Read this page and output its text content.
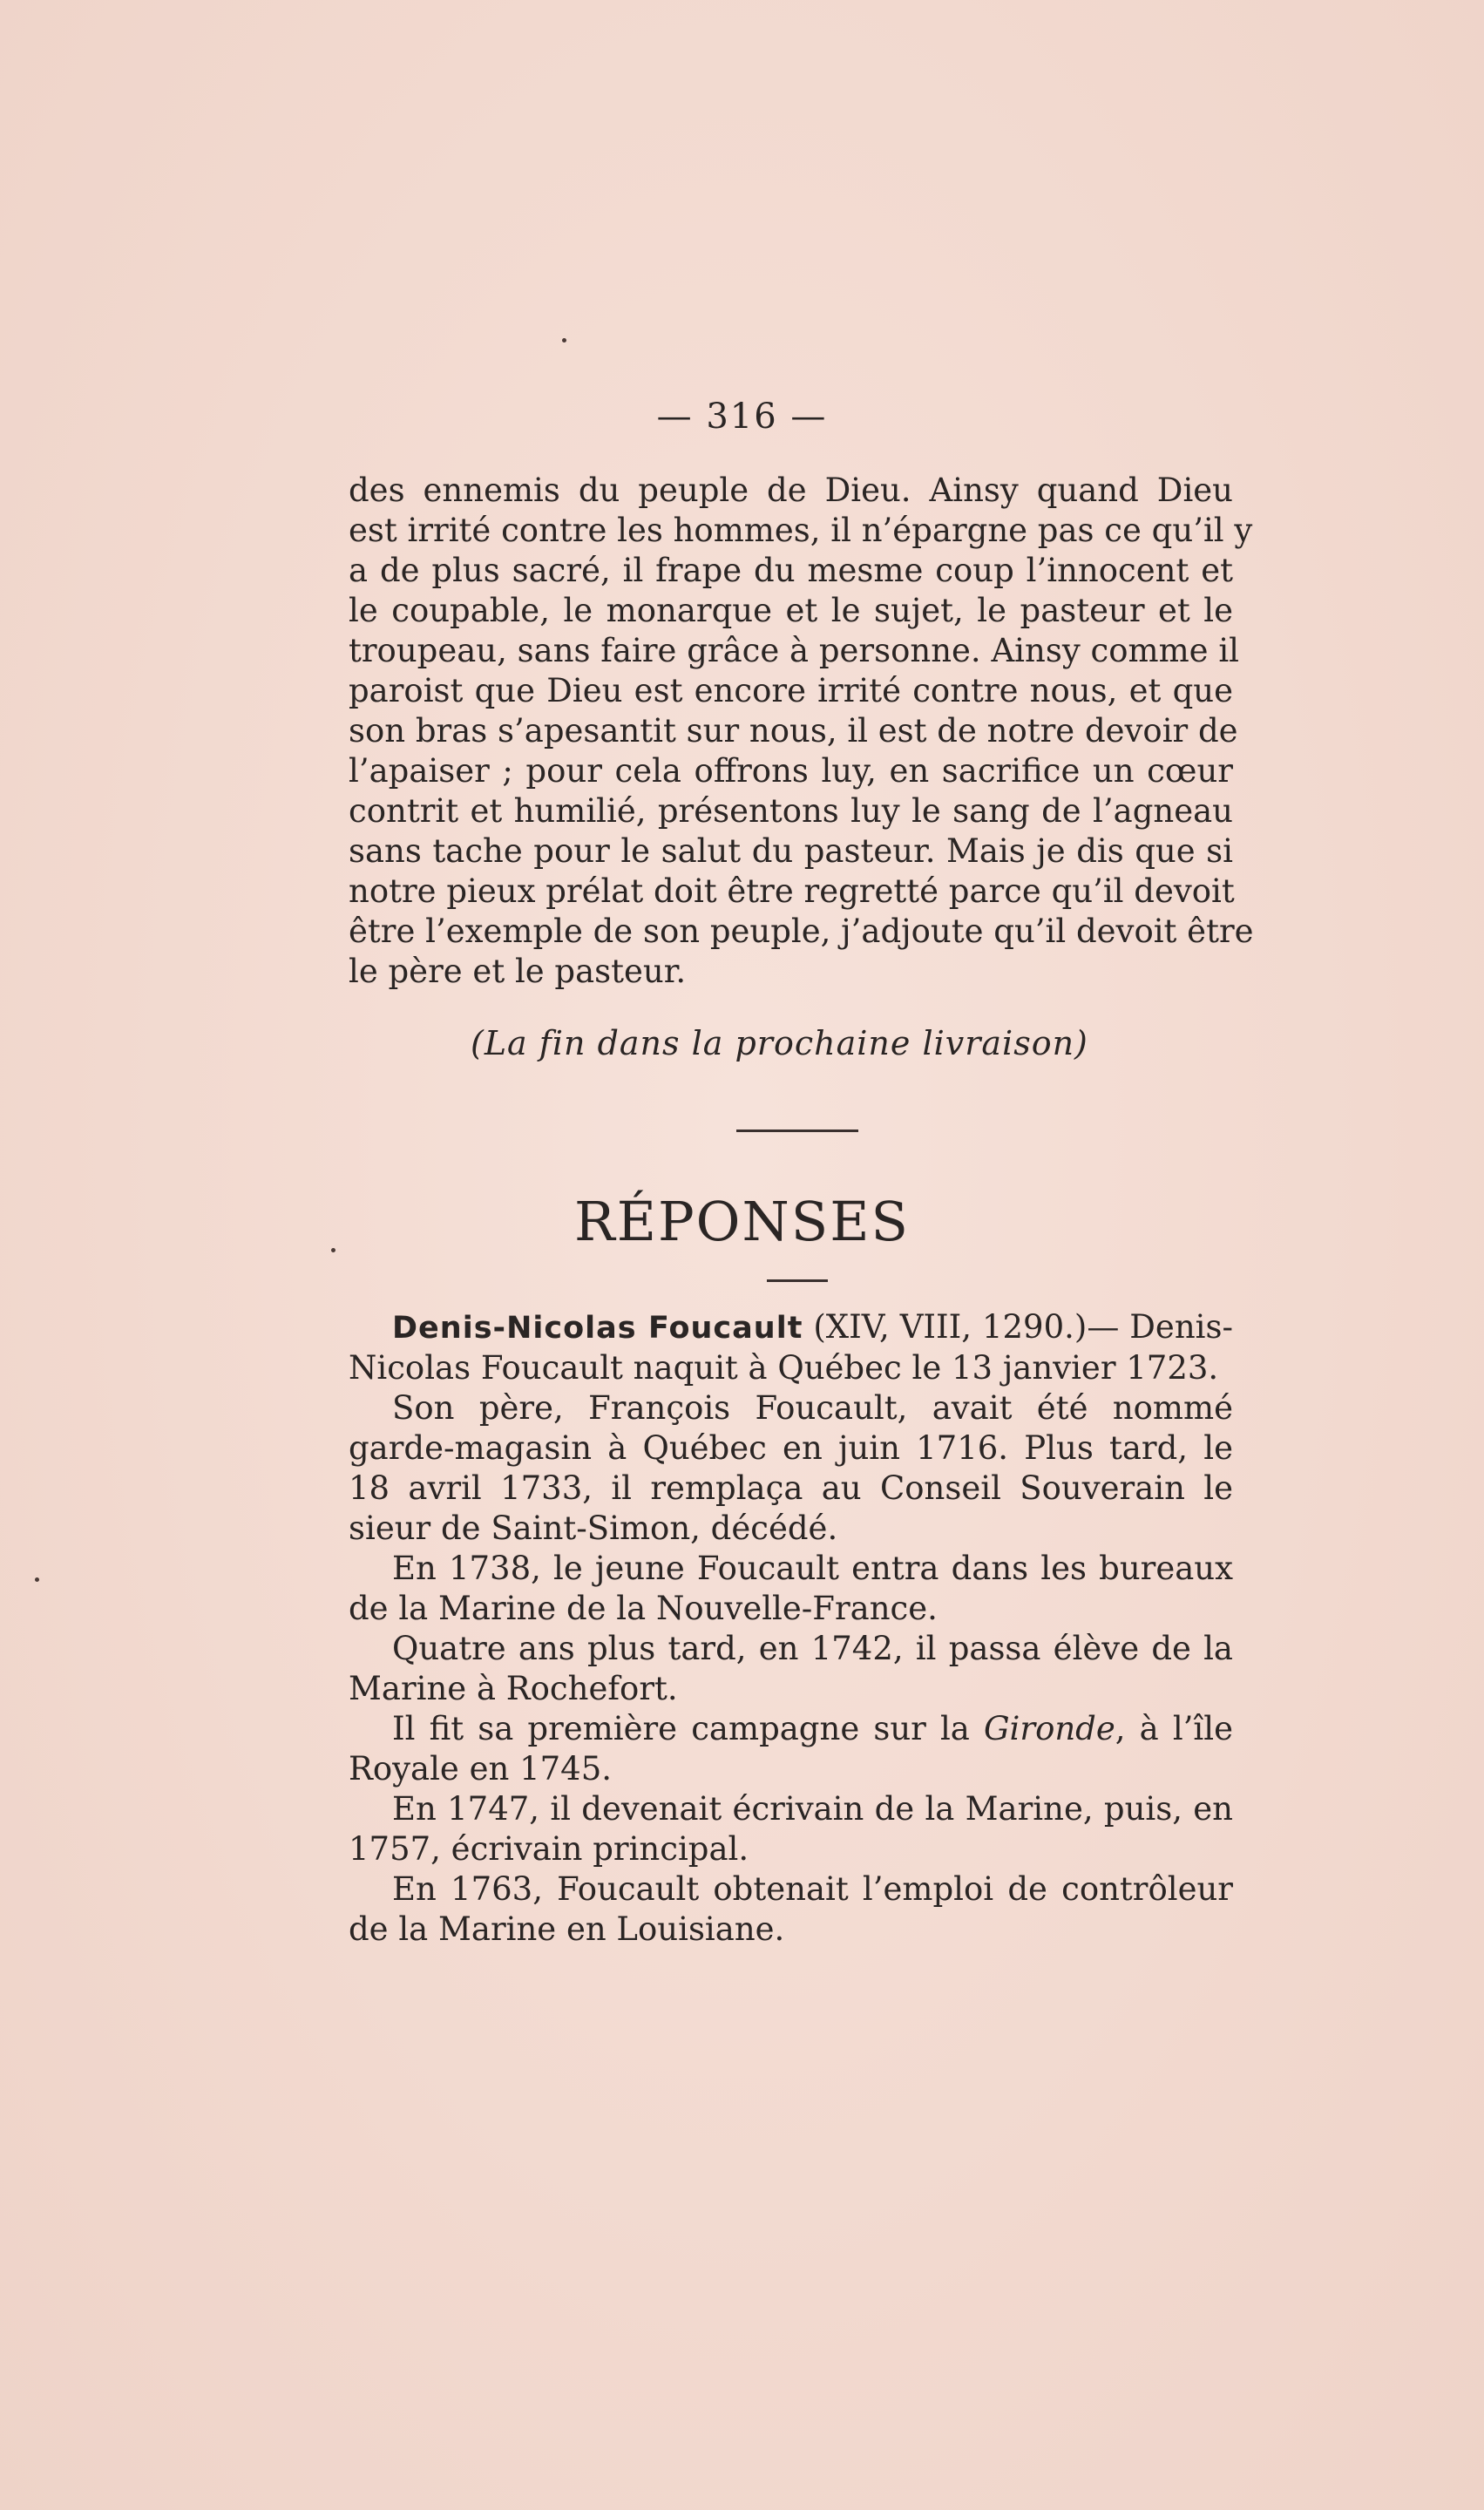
— 316 —
des ennemis du peuple de Dieu. Ainsy quand Dieu
est irrité contre les hommes, il n’épargne pas ce qu’il y
a de plus sacré, il frape du mesme coup l’innocent et
le coupable, le monarque et le sujet, le pasteur et le
troupeau, sans faire grâce à personne. Ainsy comme il
paroist que Dieu est encore irrité contre nous, et que
son bras s’apesantit sur nous, il est de notre devoir de
l’apaiser ; pour cela offrons luy, en sacrifice un cœur
contrit et humilié, présentons luy le sang de l’agneau
sans tache pour le salut du pasteur. Mais je dis que si
notre pieux prélat doit être regretté parce qu’il devoit
être l’exemple de son peuple, j’adjoute qu’il devoit être
le père et le pasteur.
(La fin dans la prochaine livraison)
RÉPONSES

Denis-Nicolas Foucault (XIV, VIII, 1290.)— Denis-Nicolas Foucault naquit à Québec le 13 janvier 1723.

Son père, François Foucault, avait été nommé garde-magasin à Québec en juin 1716. Plus tard, le 18 avril 1733, il remplaça au Conseil Souverain le sieur de Saint-Simon, décédé.

En 1738, le jeune Foucault entra dans les bureaux de la Marine de la Nouvelle-France.

Quatre ans plus tard, en 1742, il passa élève de la Marine à Rochefort.

Il fit sa première campagne sur la Gironde, à l’île Royale en 1745.

En 1747, il devenait écrivain de la Marine, puis, en 1757, écrivain principal.

En 1763, Foucault obtenait l’emploi de contrôleur de la Marine en Louisiane.
